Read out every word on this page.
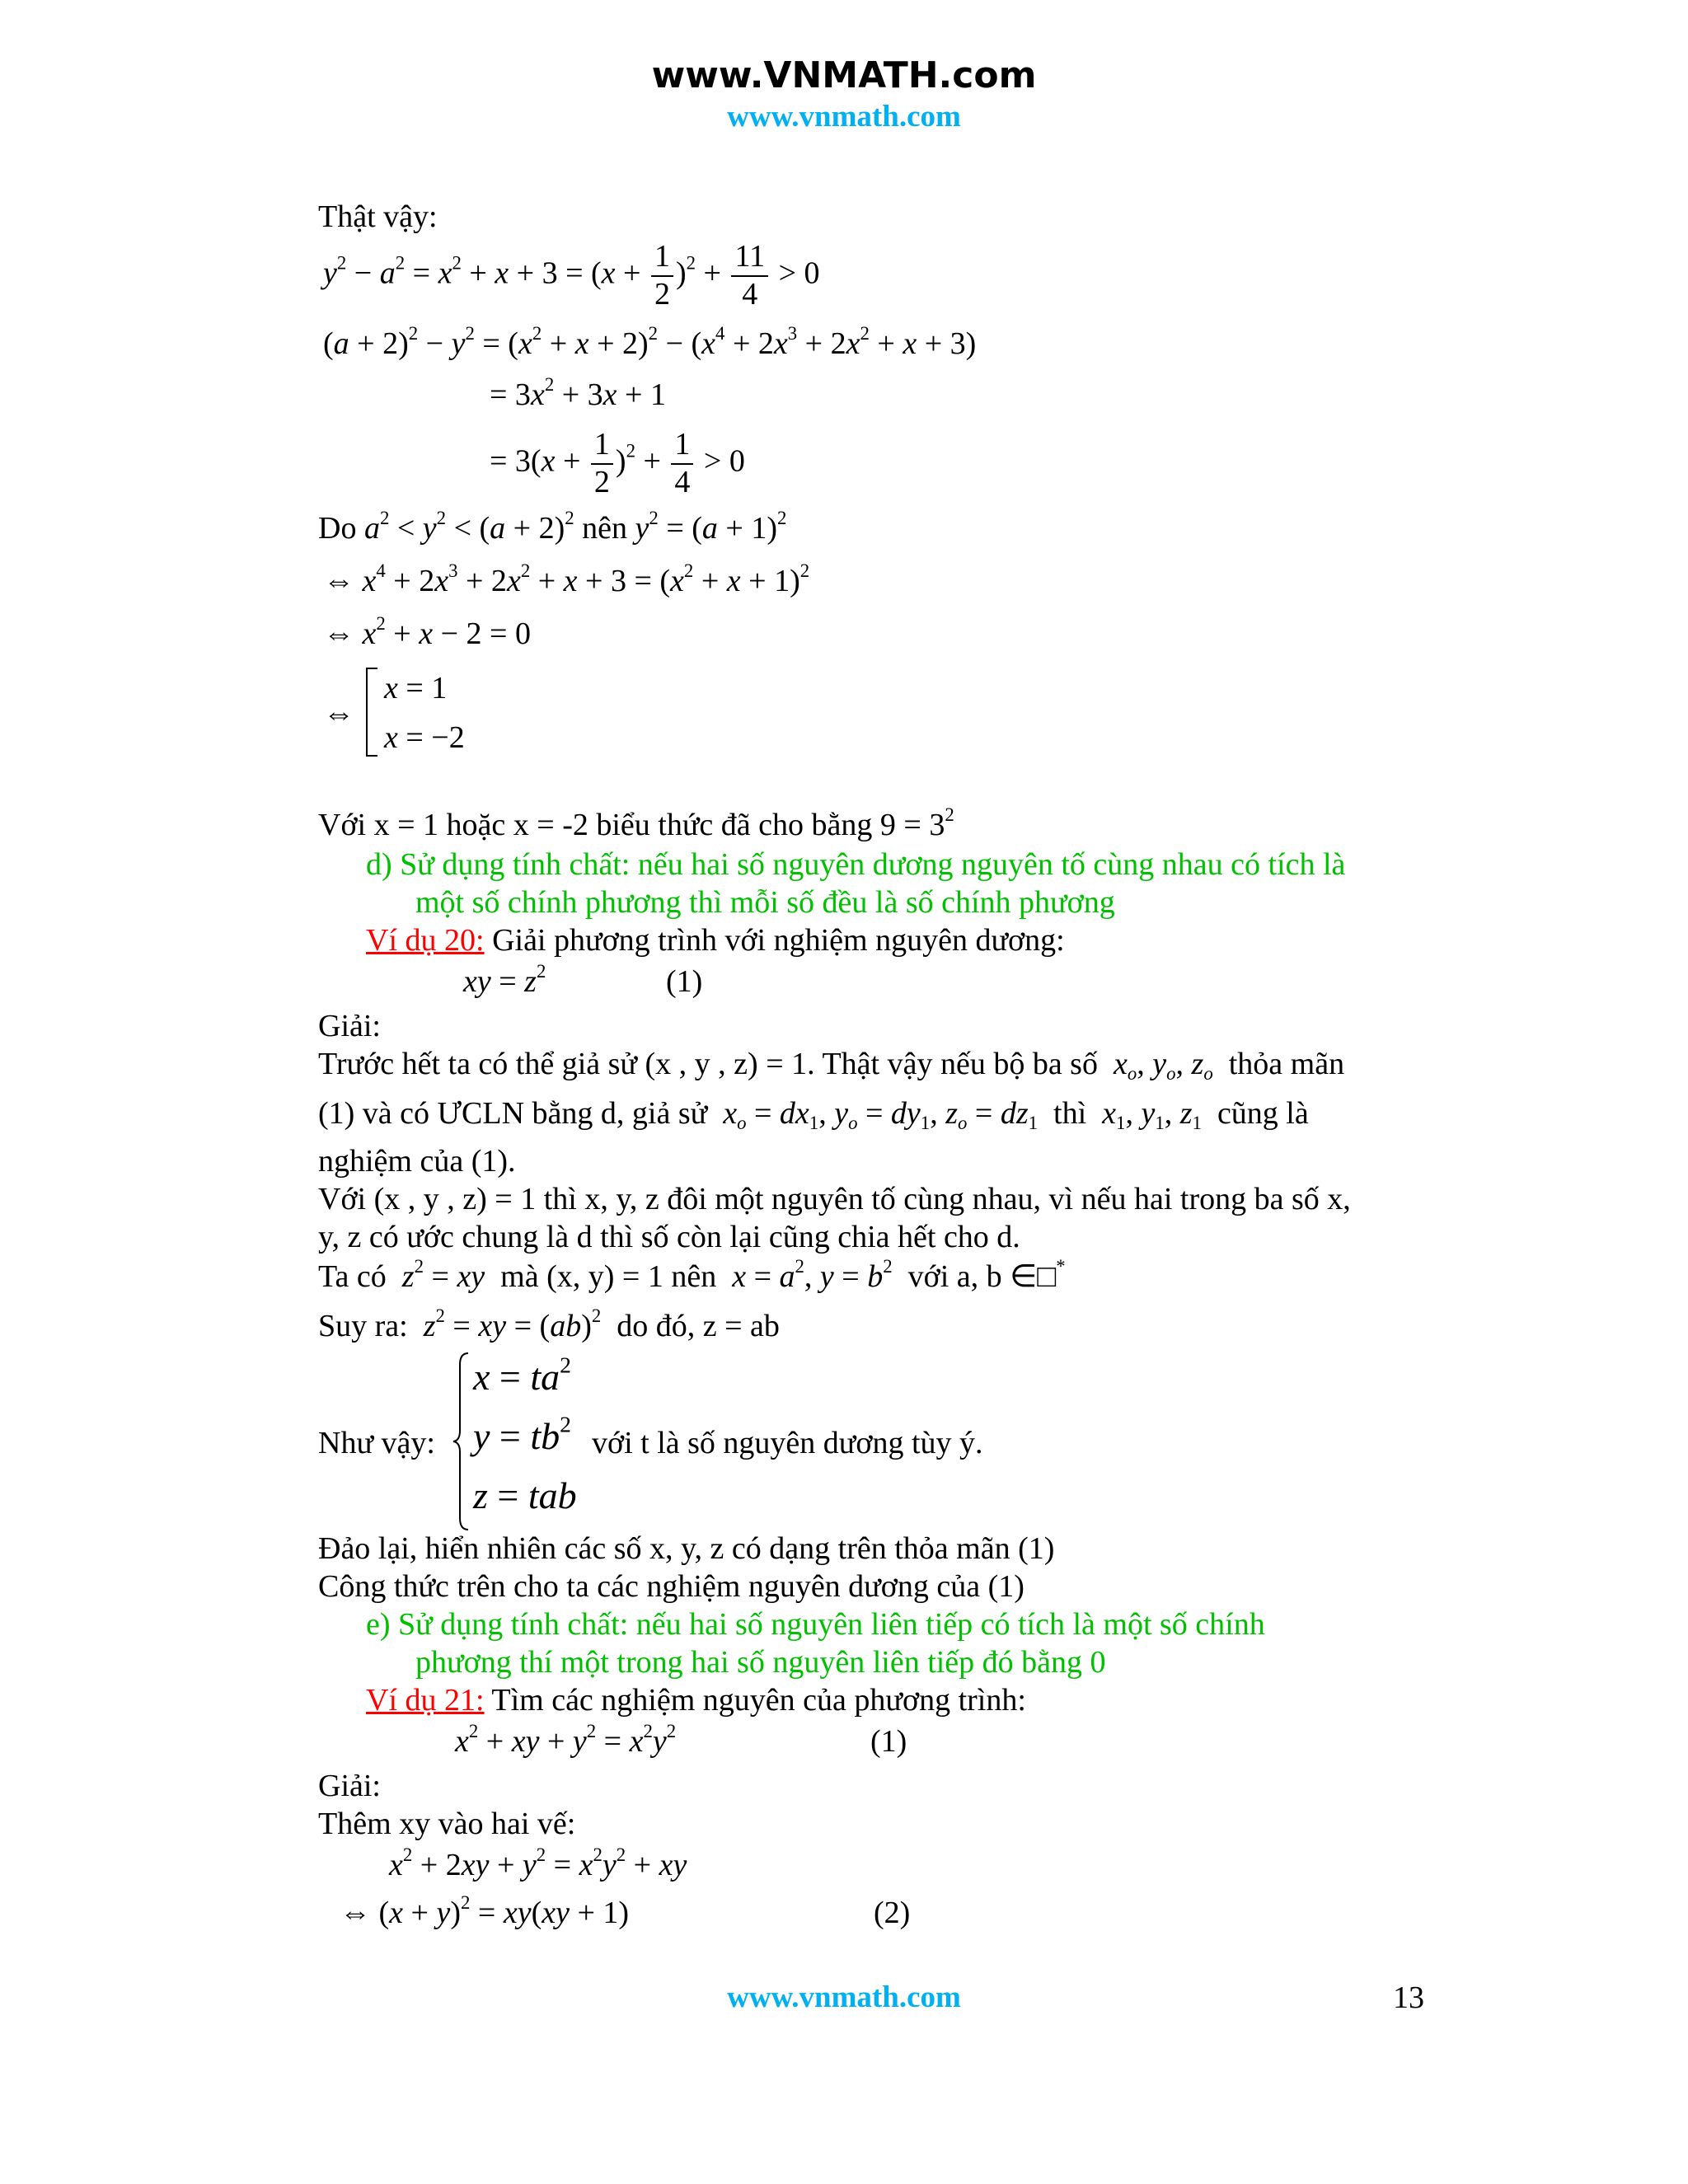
www.VNMATH.com
www.vnmath.com
Thật vậy:
$y^2 - a^2 = x^2 + x + 3 = (x + \frac{1}{2} )^2 + \frac{11}{4} > 0$
$(a + 2)^2 - y^2 = (x^2 + x + 2)^2 - (x^4 + 2x^3 + 2x^2 + x + 3)$
= $3x^2 + 3x + 1$
= $3(x + \frac{1}{2} )^2 + \frac{1}{4} > 0$
Do $a^2 < y^2 < (a + 2)^2$ nên $y^2 = (a + 1)^2$
⇔ $x^4 + 2x^3 + 2x^2 + x + 3 = (x^2 + x + 1)^2$
⇔ $x^2 + x - 2 = 0$
⇔
x = 1
x = −2
Với x = 1 hoặc x = -2 biểu thức đã cho bằng $9 = 3^2$
d) Sử dụng tính chất: nếu hai số nguyên dương nguyên tố cùng nhau có tích là
một số chính phương thì mỗi số đều là số chính phương
Ví dụ 20: Giải phương trình với nghiệm nguyên dương:
xy = $z^2$	(1)
Giải:
Trước hết ta có thể giả sử (x , y , z) = 1. Thật vậy nếu bộ ba số  $x_o$, $y_o$, $z_o$ thỏa mãn
(1) và có ƯCLN bằng d, giả sử  $x_o = dx_1$, $y_o = dy_1$, $z_o = dz_1$ thì  $x_1$, $y_1$, $z_1$ cũng là
nghiệm của (1).
Với (x , y , z) = 1 thì x, y, z đôi một nguyên tố cùng nhau, vì nếu hai trong ba số x,
y, z có ước chung là d thì số còn lại cũng chia hết cho d.
Ta có  $z^2$ = xy  mà (x, y) = 1 nên  $x = a^2$, $y = b^2$ với a, b ∈□*
Suy ra:  $z^2$ = xy = (ab)$^2$ do đó, z = ab
Như vậy:
$x = ta^2$
$y = tb^2$
với t là số nguyên dương tùy ý.
z = tab
Đảo lại, hiển nhiên các số x, y, z có dạng trên thỏa mãn (1)
Công thức trên cho ta các nghiệm nguyên dương của (1)
e) Sử dụng tính chất: nếu hai số nguyên liên tiếp có tích là một số chính
phương thí một trong hai số nguyên liên tiếp đó bằng 0
Ví dụ 21: Tìm các nghiệm nguyên của phương trình:
$x^2$ + xy + $y^2 = x^2y^2$	(1)
Giải:
Thêm xy vào hai vế:
$x^2 + 2xy + y^2 = x^2y^2$ + xy
⇔ $(x + y)^2 = xy(xy + 1)$	(2)
www.vnmath.com	13
